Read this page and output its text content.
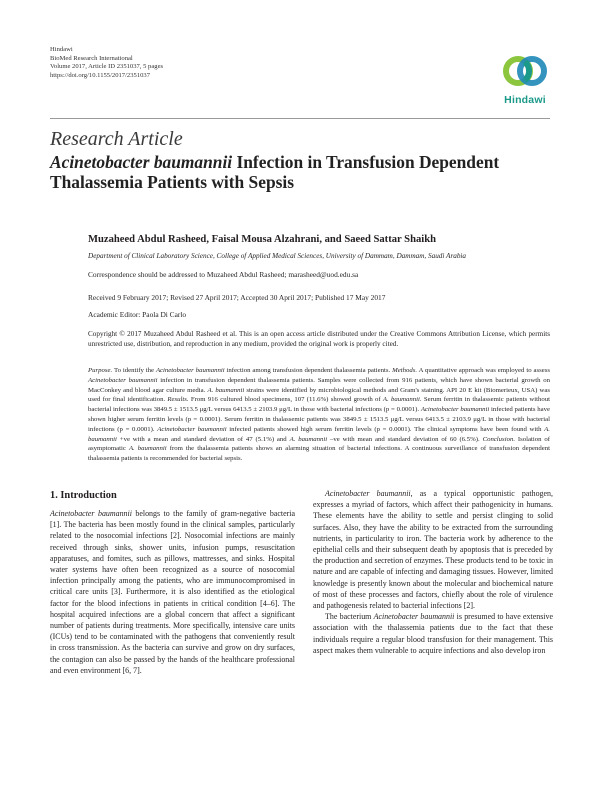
Hindawi
BioMed Research International
Volume 2017, Article ID 2351037, 5 pages
https://doi.org/10.1155/2017/2351037
Hindawi
Research Article
Acinetobacter baumannii Infection in Transfusion Dependent Thalassemia Patients with Sepsis
Muzaheed Abdul Rasheed, Faisal Mousa Alzahrani, and Saeed Sattar Shaikh
Department of Clinical Laboratory Science, College of Applied Medical Sciences, University of Dammam, Dammam, Saudi Arabia
Correspondence should be addressed to Muzaheed Abdul Rasheed; marasheed@uod.edu.sa
Received 9 February 2017; Revised 27 April 2017; Accepted 30 April 2017; Published 17 May 2017
Academic Editor: Paola Di Carlo
Copyright © 2017 Muzaheed Abdul Rasheed et al. This is an open access article distributed under the Creative Commons Attribution License, which permits unrestricted use, distribution, and reproduction in any medium, provided the original work is properly cited.
Purpose. To identify the Acinetobacter baumannii infection among transfusion dependent thalassemia patients. Methods. A quantitative approach was employed to assess Acinetobacter baumannii infection in transfusion dependent thalassemia patients. Samples were collected from 916 patients, which have shown bacterial growth on MacConkey and blood agar culture media. A. baumannii strains were identified by microbiological methods and Gram's staining. API 20 E kit (Biomerieux, USA) was used for final identification. Results. From 916 cultured blood specimens, 107 (11.6%) showed growth of A. baumannii. Serum ferritin in thalassemic patients without bacterial infections was 3849.5 ± 1513.5 μg/L versus 6413.5 ± 2103.9 μg/L in those with bacterial infections (p = 0.0001). Acinetobacter baumannii infected patients have shown higher serum ferritin levels (p = 0.0001). Serum ferritin in thalassemic patients was 3849.5 ± 1513.5 μg/L versus 6413.5 ± 2103.9 μg/L in those with bacterial infections (p = 0.0001). Acinetobacter baumannii infected patients showed high serum ferritin levels (p = 0.0001). The clinical symptoms have been found with A. baumannii +ve with a mean and standard deviation of 47 (5.1%) and A. baumannii –ve with mean and standard deviation of 60 (6.5%). Conclusion. Isolation of asymptomatic A. baumannii from the thalassemia patients shows an alarming situation of bacterial infections. A continuous surveillance of transfusion dependent thalassemia patients is recommended for bacterial sepsis.
1. Introduction

Acinetobacter baumannii belongs to the family of gram-negative bacteria [1]. The bacteria has been mostly found in the clinical samples, particularly related to the nosocomial infections [2]. Nosocomial infections are mainly received through sinks, shower units, infusion pumps, resuscitation apparatuses, and fomites, such as pillows, mattresses, and sinks. Hospital water systems have often been recognized as a source of nosocomial infection principally among the patients, who are immunocompromised in critical care units [3]. Furthermore, it is also identified as the etiological factor for the blood infections in patients in critical condition [4–6]. The hospital acquired infections are a global concern that affect a significant number of patients during treatments. More specifically, intensive care units (ICUs) tend to be contaminated with the pathogens that conveniently result in cross transmission. As the bacteria can survive and grow on dry surfaces, the contagion can also be passed by the hands of the healthcare professional and even environment [6, 7].

Acinetobacter baumannii, as a typical opportunistic pathogen, expresses a myriad of factors, which affect their pathogenicity in humans. These elements have the ability to settle and persist clinging to solid surfaces. Also, they have the ability to be extracted from the surrounding nutrients, in particularity to iron. The bacteria work by adherence to the epithelial cells and their subsequent death by apoptosis that is preceded by the production and secretion of enzymes. These products tend to be toxic in nature and are capable of infecting and damaging tissues. However, limited knowledge is presently known about the molecular and biochemical nature of most of these processes and factors, chiefly about the role of virulence and pathogenesis related to bacterial infections [2].

The bacterium Acinetobacter baumannii is presumed to have extensive association with the thalassemia patients due to the fact that these individuals require a regular blood transfusion for their management. This aspect makes them vulnerable to acquire infections and also develop iron
